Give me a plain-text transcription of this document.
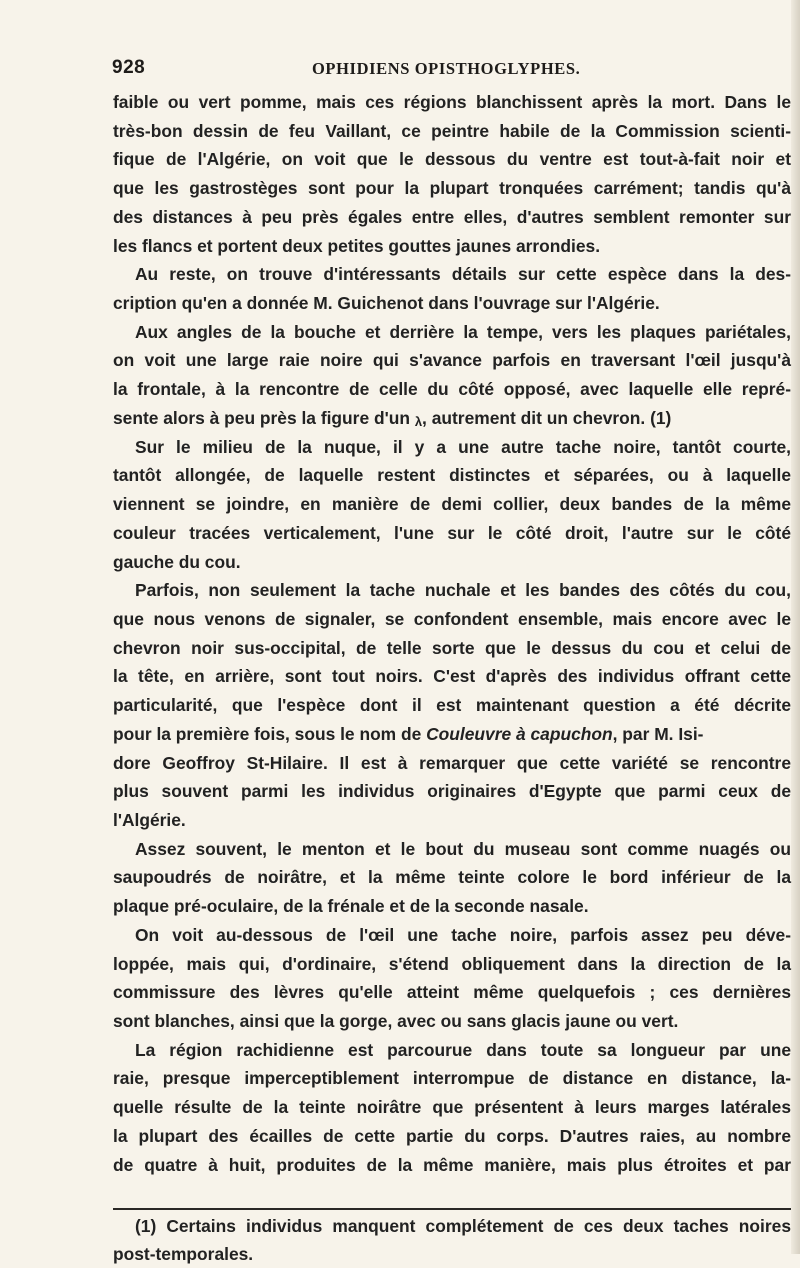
928	OPHIDIENS OPISTHOGLYPHES.
faible ou vert pomme, mais ces régions blanchissent après la mort. Dans le
très-bon dessin de feu Vaillant, ce peintre habile de la Commission scienti-
fique de l'Algérie, on voit que le dessous du ventre est tout-à-fait noir et
que les gastrostèges sont pour la plupart tronquées carrément; tandis qu'à
des distances à peu près égales entre elles, d'autres semblent remonter sur
les flancs et portent deux petites gouttes jaunes arrondies.
Au reste, on trouve d'intéressants détails sur cette espèce dans la des-
cription qu'en a donnée M. Guichenot dans l'ouvrage sur l'Algérie.
Aux angles de la bouche et derrière la tempe, vers les plaques pariétales,
on voit une large raie noire qui s'avance parfois en traversant l'œil jusqu'à
la frontale, à la rencontre de celle du côté opposé, avec laquelle elle repré-
sente alors à peu près la figure d'un λ, autrement dit un chevron. (1)
Sur le milieu de la nuque, il y a une autre tache noire, tantôt courte,
tantôt allongée, de laquelle restent distinctes et séparées, ou à laquelle
viennent se joindre, en manière de demi collier, deux bandes de la même
couleur tracées verticalement, l'une sur le côté droit, l'autre sur le côté
gauche du cou.
Parfois, non seulement la tache nuchale et les bandes des côtés du cou,
que nous venons de signaler, se confondent ensemble, mais encore avec le
chevron noir sus-occipital, de telle sorte que le dessus du cou et celui de
la tête, en arrière, sont tout noirs. C'est d'après des individus offrant cette
particularité, que l'espèce dont il est maintenant question a été décrite
pour la première fois, sous le nom de Couleuvre à capuchon, par M. Isi-
dore Geoffroy St-Hilaire. Il est à remarquer que cette variété se rencontre
plus souvent parmi les individus originaires d'Egypte que parmi ceux de
l'Algérie.
Assez souvent, le menton et le bout du museau sont comme nuagés ou
saupoudrés de noirâtre, et la même teinte colore le bord inférieur de la
plaque pré-oculaire, de la frénale et de la seconde nasale.
On voit au-dessous de l'œil une tache noire, parfois assez peu déve-
loppée, mais qui, d'ordinaire, s'étend obliquement dans la direction de la
commissure des lèvres qu'elle atteint même quelquefois ; ces dernières
sont blanches, ainsi que la gorge, avec ou sans glacis jaune ou vert.
La région rachidienne est parcourue dans toute sa longueur par une
raie, presque imperceptiblement interrompue de distance en distance, la-
quelle résulte de la teinte noirâtre que présentent à leurs marges latérales
la plupart des écailles de cette partie du corps. D'autres raies, au nombre
de quatre à huit, produites de la même manière, mais plus étroites et par
(1) Certains individus manquent complétement de ces deux taches noires
post-temporales.
